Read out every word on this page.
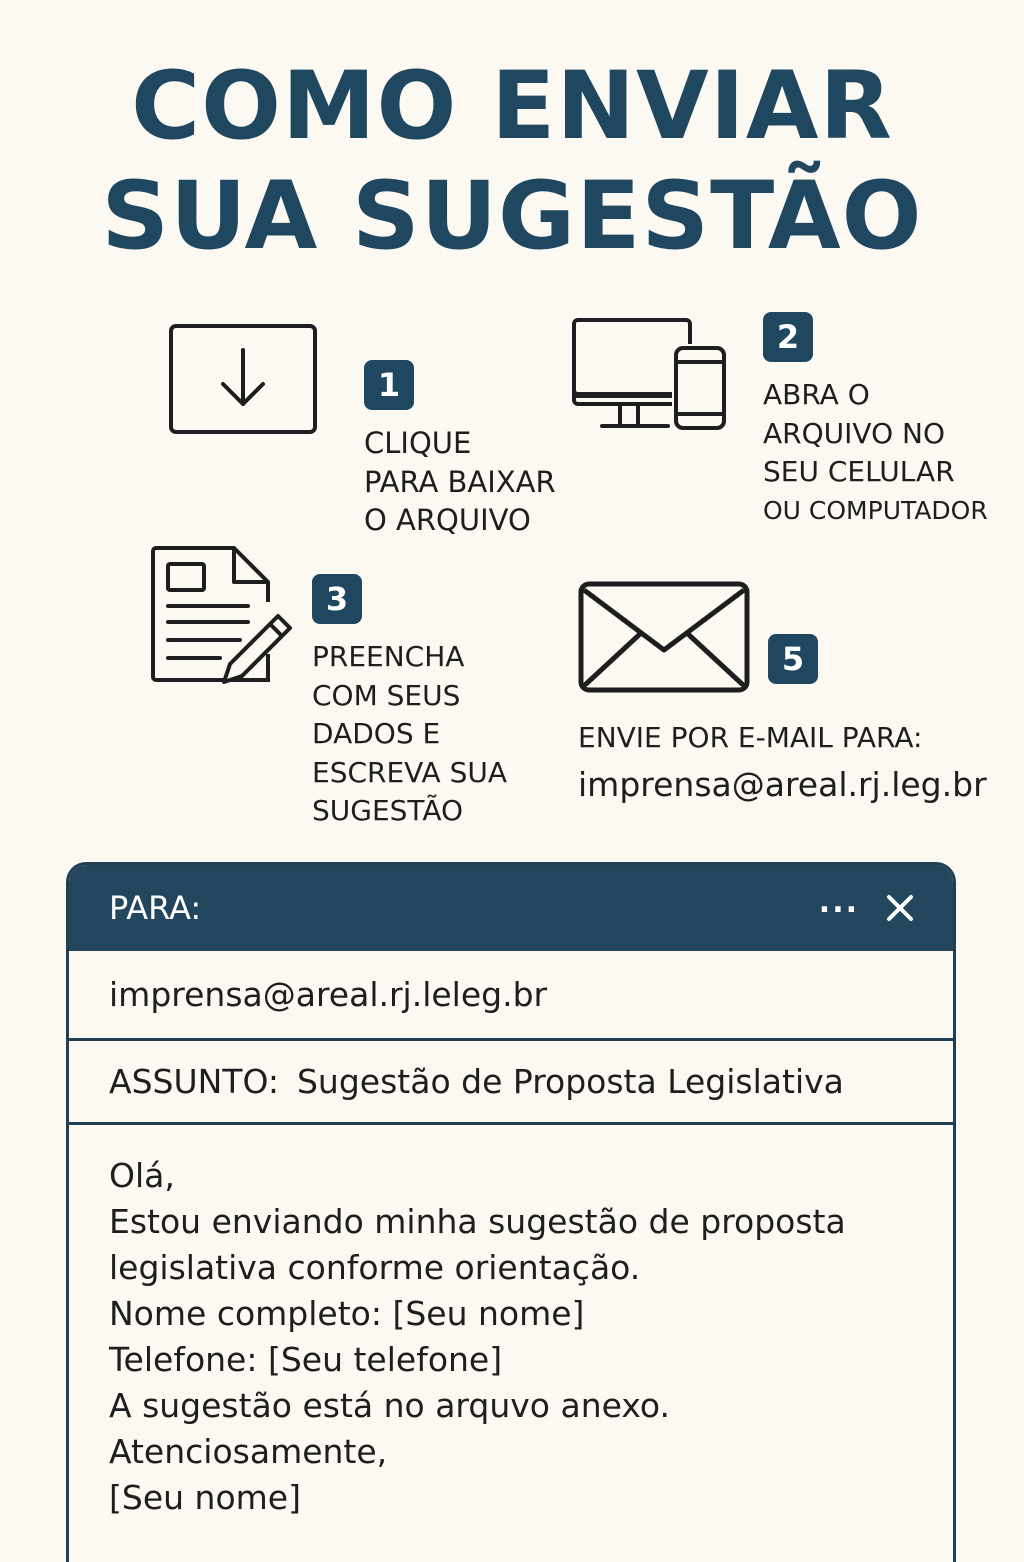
COMO ENVIAR
SUA SUGESTÃO
1
CLIQUE
PARA BAIXAR
O ARQUIVO
2
ABRA O
ARQUIVO NO
SEU CELULAR
OU COMPUTADOR
3
PREENCHA
COM SEUS
DADOS E
ESCREVA SUA
SUGESTÃO
5
ENVIE POR E-MAIL PARA:
imprensa@areal.rj.leg.br
PARA:	...
imprensa@areal.rj.leleg.br
ASSUNTO: Sugestão de Proposta Legislativa
Olá,
Estou enviando minha sugestão de proposta
legislativa conforme orientação.
Nome completo: [Seu nome]
Telefone: [Seu telefone]
A sugestão está no arquvo anexo.
Atenciosamente,
[Seu nome]
